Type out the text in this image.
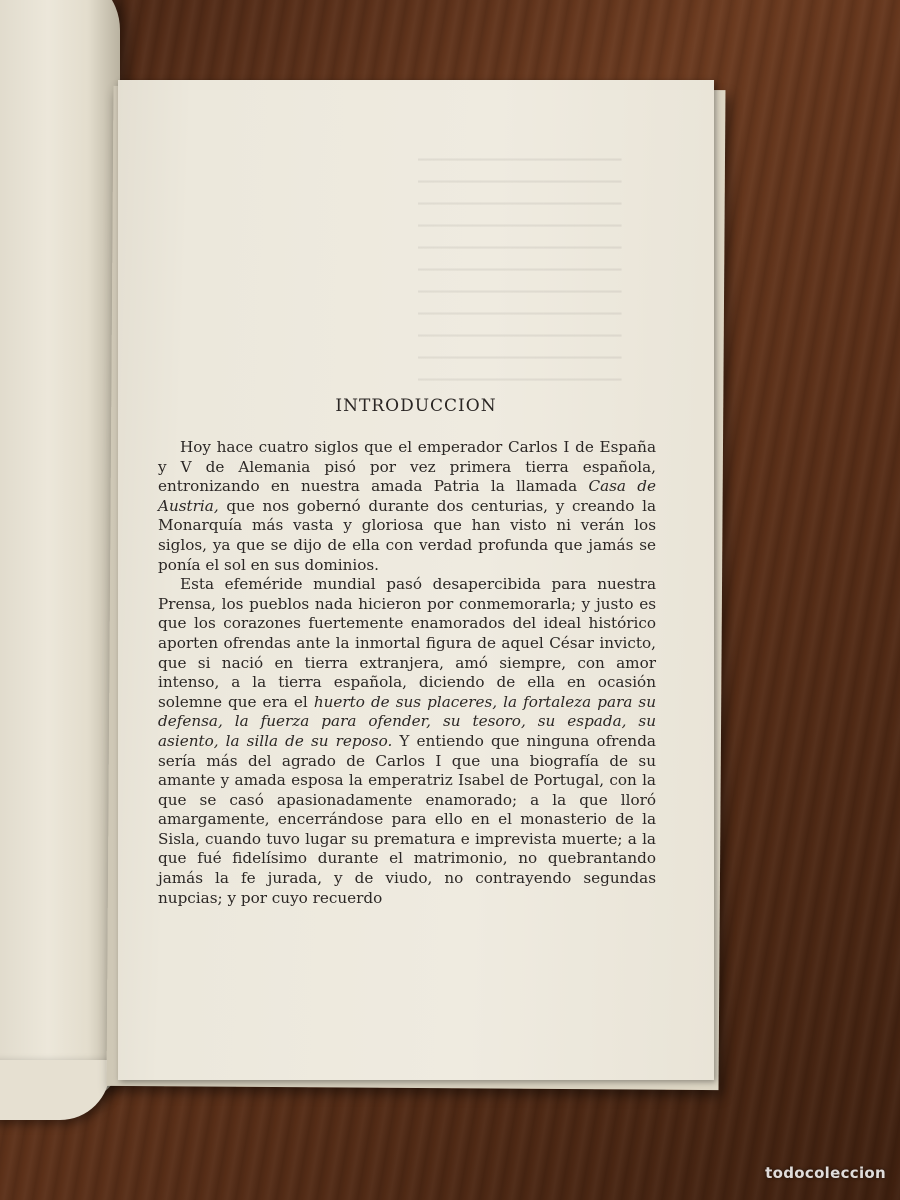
━━━━━━━━━━━━━━━━━━━━━━━━━━
━━━━━━━━━━━━━━━━━━━━━━━━━━
━━━━━━━━━━━━━━━━━━━━━━━━━━
━━━━━━━━━━━━━━━━━━━━━━━━━━
━━━━━━━━━━━━━━━━━━━━━━━━━━
━━━━━━━━━━━━━━━━━━━━━━━━━━
━━━━━━━━━━━━━━━━━━━━━━━━━━
━━━━━━━━━━━━━━━━━━━━━━━━━━
━━━━━━━━━━━━━━━━━━━━━━━━━━
━━━━━━━━━━━━━━━━━━━━━━━━━━
━━━━━━━━━━━━━━━━━━━━━━━━━━
INTRODUCCION

Hoy hace cuatro siglos que el emperador Carlos I de España y V de Alemania pisó por vez primera tierra española, entronizando en nuestra amada Patria la llamada Casa de Austria, que nos gobernó durante dos centurias, y creando la Monarquía más vasta y gloriosa que han visto ni verán los siglos, ya que se dijo de ella con verdad profunda que jamás se ponía el sol en sus dominios.

Esta efeméride mundial pasó desapercibida para nuestra Prensa, los pueblos nada hicieron por conmemorarla; y justo es que los corazones fuertemente enamorados del ideal histórico aporten ofrendas ante la inmortal figura de aquel César invicto, que si nació en tierra extranjera, amó siempre, con amor intenso, a la tierra española, diciendo de ella en ocasión solemne que era el huerto de sus placeres, la fortaleza para su defensa, la fuerza para ofender, su tesoro, su espada, su asiento, la silla de su reposo. Y entiendo que ninguna ofrenda sería más del agrado de Carlos I que una biografía de su amante y amada esposa la emperatriz Isabel de Portugal, con la que se casó apasionadamente enamorado; a la que lloró amargamente, encerrándose para ello en el monasterio de la Sisla, cuando tuvo lugar su prematura e imprevista muerte; a la que fué fidelísimo durante el matrimonio, no quebrantando jamás la fe jurada, y de viudo, no contrayendo segundas nupcias; y por cuyo recuerdo

todocoleccion
